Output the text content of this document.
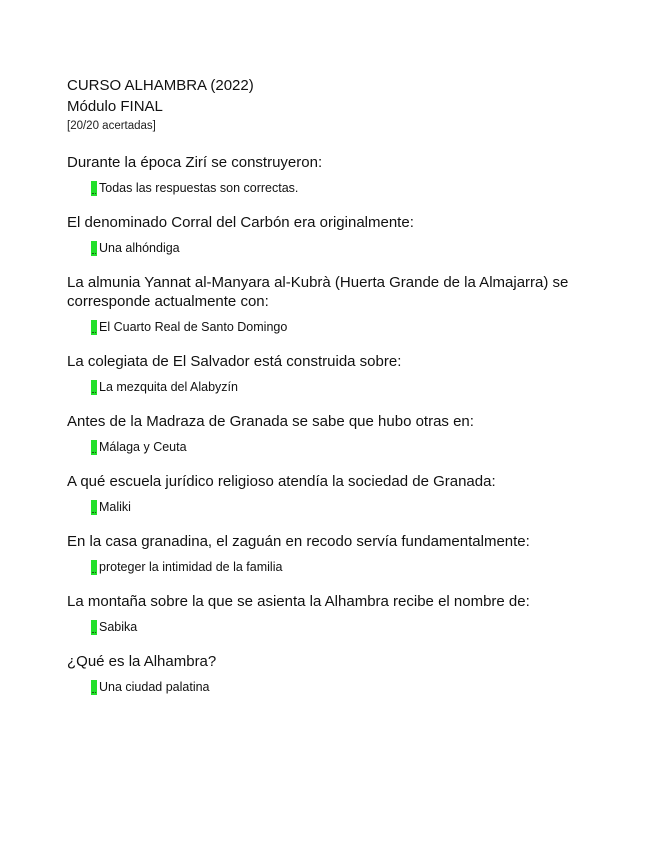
CURSO ALHAMBRA (2022)
Módulo FINAL
[20/20 acertadas]

Durante la época Zirí se construyeron:

Todas las respuestas son correctas.

El denominado Corral del Carbón era originalmente:

Una alhóndiga

La almunia Yannat al-Manyara al-Kubrà (Huerta Grande de la Almajarra) se corresponde actualmente con:

El Cuarto Real de Santo Domingo

La colegiata de El Salvador está construida sobre:

La mezquita del Alabyzín

Antes de la Madraza de Granada se sabe que hubo otras en:

Málaga y Ceuta

A qué escuela jurídico religioso atendía la sociedad de Granada:

Maliki

En la casa granadina, el zaguán en recodo servía fundamentalmente:

proteger la intimidad de la familia

La montaña sobre la que se asienta la Alhambra recibe el nombre de:

Sabika

¿Qué es la Alhambra?

Una ciudad palatina
